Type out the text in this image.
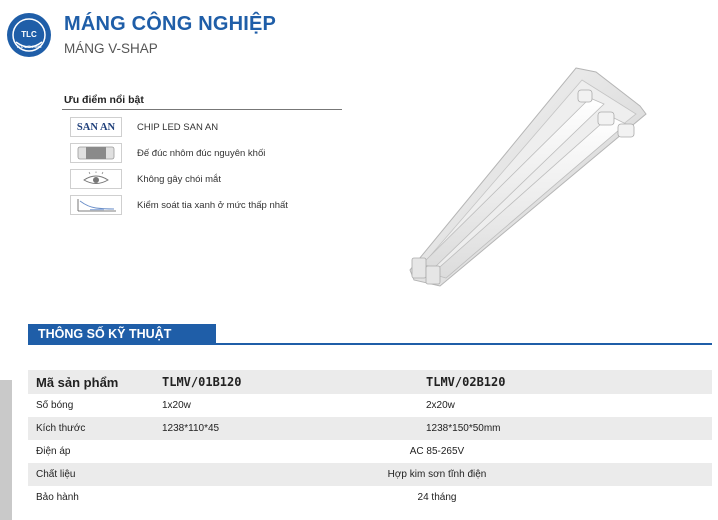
TLC
TLC LIGHTING
MÁNG CÔNG NGHIỆP
MÁNG V-SHAP
Ưu điểm nổi bật
SAN AN CHIP LED SAN AN
Đế đúc nhôm đúc nguyên khối
Không gây chói mắt
Kiểm soát tia xanh ở mức thấp nhất
THÔNG SỐ KỸ THUẬT
Mã sản phẩm	TLMV/01B120	TLMV/02B120
Số bóng	1x20w	2x20w
Kích thước	1238*110*45	1238*150*50mm
Điện áp	AC 85-265V	
Chất liệu	Hợp kim sơn tĩnh điện	
Bảo hành	24 tháng	
